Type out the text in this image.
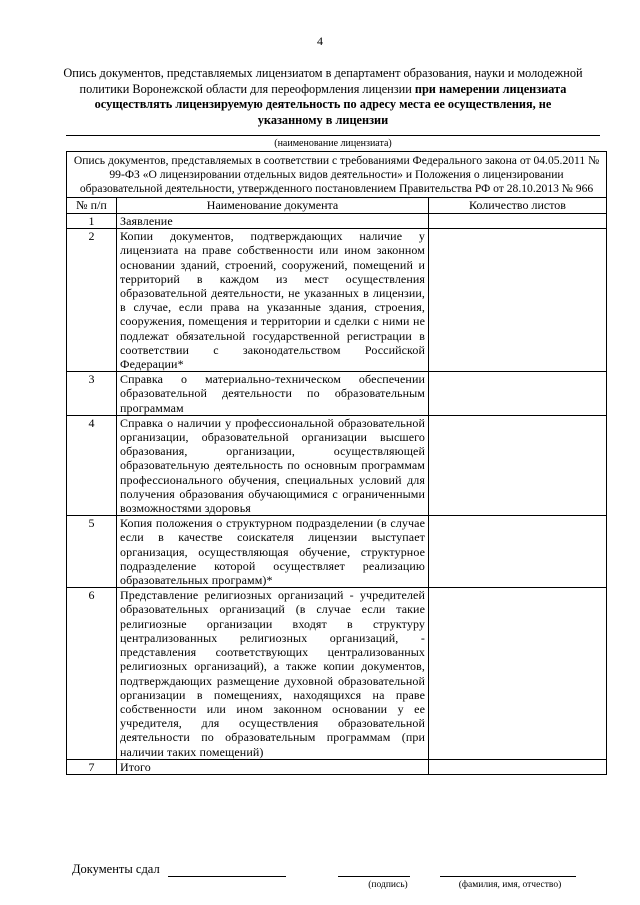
4
Опись документов, представляемых лицензиатом в департамент образования, науки и молодежной политики Воронежской области для переоформления лицензии при намерении лицензиата осуществлять лицензируемую деятельность по адресу места ее осуществления, не указанному в лицензии
(наименование лицензиата)
Опись документов, представляемых в соответствии с требованиями Федерального закона от 04.05.2011 № 99-ФЗ «О лицензировании отдельных видов деятельности» и Положения о лицензировании образовательной деятельности, утвержденного постановлением Правительства РФ от 28.10.2013 № 966		
№ п/п	Наименование документа	Количество листов
1	Заявление	
2	Копии документов, подтверждающих наличие у лицензиата на праве собственности или ином законном основании зданий, строений, сооружений, помещений и территорий в каждом из мест осуществления образовательной деятельности, не указанных в лицензии, в случае, если права на указанные здания, строения, сооружения, помещения и территории и сделки с ними не подлежат обязательной государственной регистрации в соответствии с законодательством Российской Федерации*	
3	Справка о материально-техническом обеспечении образовательной деятельности по образовательным программам	
4	Справка о наличии у профессиональной образовательной организации, образовательной организации высшего образования, организации, осуществляющей образовательную деятельность по основным программам профессионального обучения, специальных условий для получения образования обучающимися с ограниченными возможностями здоровья	
5	Копия положения о структурном подразделении (в случае если в качестве соискателя лицензии выступает организация, осуществляющая обучение, структурное подразделение которой осуществляет реализацию образовательных программ)*	
6	Представление религиозных организаций - учредителей образовательных организаций (в случае если такие религиозные организации входят в структуру централизованных религиозных организаций, - представления соответствующих централизованных религиозных организаций), а также копии документов, подтверждающих размещение духовной образовательной организации в помещениях, находящихся на праве собственности или ином законном основании у ее учредителя, для осуществления образовательной деятельности по образовательным программам (при наличии таких помещений)	
7	Итого	
Документы сдал
(подпись)	(фамилия, имя, отчество)
